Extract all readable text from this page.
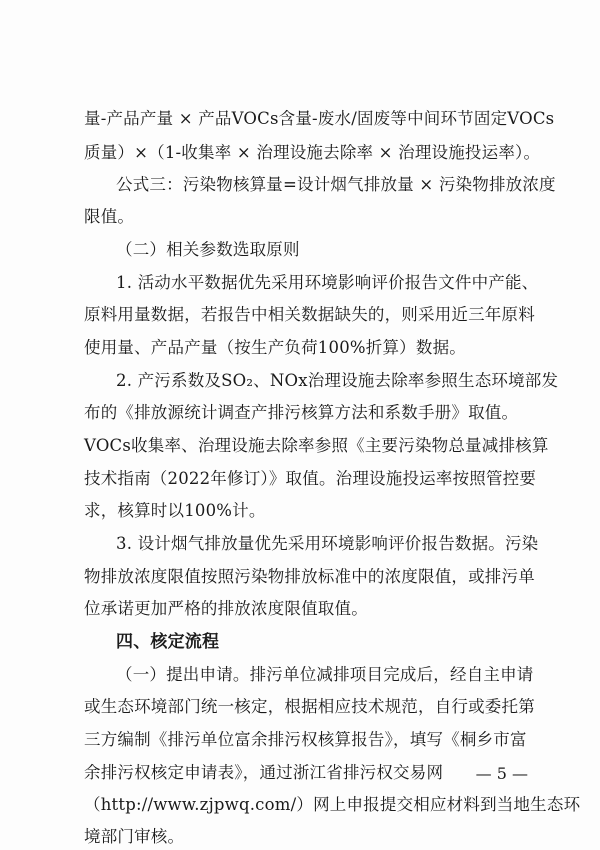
量-产品产量 × 产品VOCs含量-废水/固废等中间环节固定VOCs
质量）×（1-收集率 × 治理设施去除率 × 治理设施投运率）。
公式三：污染物核算量=设计烟气排放量 × 污染物排放浓度
限值。
（二）相关参数选取原则
1. 活动水平数据优先采用环境影响评价报告文件中产能、
原料用量数据，若报告中相关数据缺失的，则采用近三年原料
使用量、产品产量（按生产负荷100%折算）数据。
2. 产污系数及SO₂、NOx治理设施去除率参照生态环境部发
布的《排放源统计调查产排污核算方法和系数手册》取值。
VOCs收集率、治理设施去除率参照《主要污染物总量减排核算
技术指南（2022年修订）》取值。治理设施投运率按照管控要
求，核算时以100%计。
3. 设计烟气排放量优先采用环境影响评价报告数据。污染
物排放浓度限值按照污染物排放标准中的浓度限值，或排污单
位承诺更加严格的排放浓度限值取值。
四、核定流程
（一）提出申请。排污单位减排项目完成后，经自主申请
或生态环境部门统一核定，根据相应技术规范，自行或委托第
三方编制《排污单位富余排污权核算报告》，填写《桐乡市富
余排污权核定申请表》，通过浙江省排污权交易网
（http://www.zjpwq.com/）网上申报提交相应材料到当地生态环
境部门审核。
— 5 —
